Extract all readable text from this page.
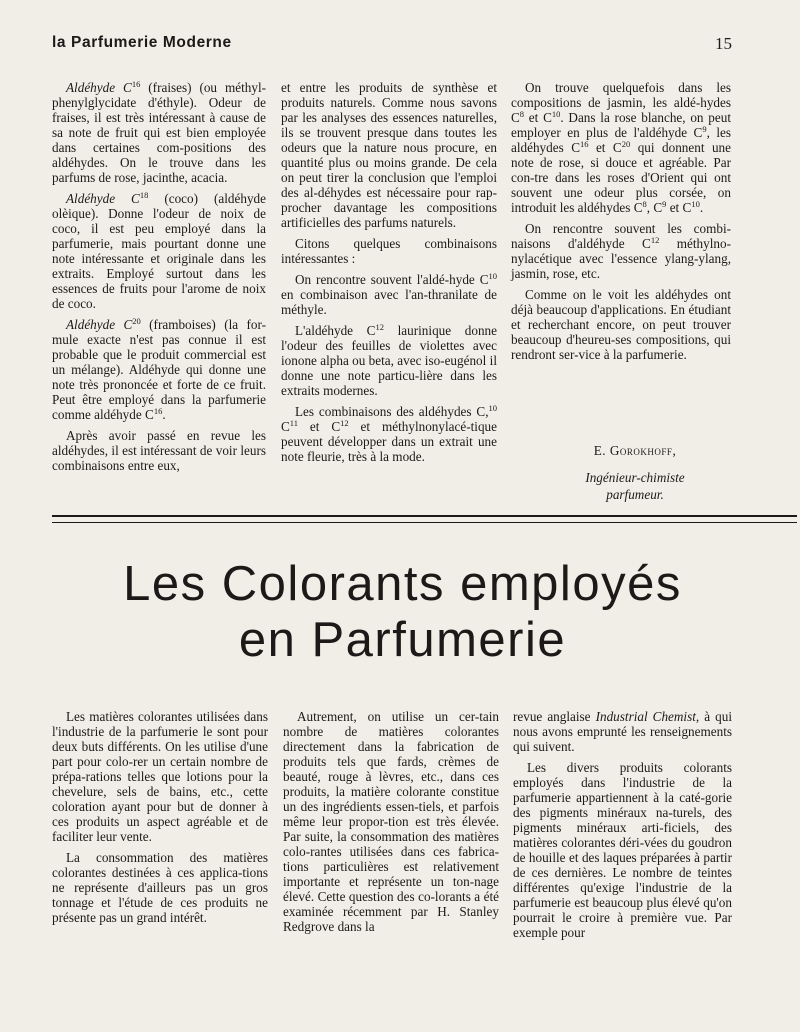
la Parfumerie Moderne	15

Aldéhyde $C^{16}$ (fraises) (ou méthyl-phenylglycidate d'éthyle). Odeur de fraises, il est très intéressant à cause de sa note de fruit qui est bien employée dans certaines com-positions des aldéhydes. On le trouve dans les parfums de rose, jacinthe, acacia.

Aldéhyde $C^{18}$ (coco) (aldéhyde olèique). Donne l'odeur de noix de coco, il est peu employé dans la parfumerie, mais pourtant donne une note intéressante et originale dans les extraits. Employé surtout dans les essences de fruits pour l'arome de noix de coco.

Aldéhyde $C^{20}$ (framboises) (la for-mule exacte n'est pas connue il est probable que le produit commercial est un mélange). Aldéhyde qui donne une note très prononcée et forte de ce fruit. Peut être employé dans la parfumerie comme aldéhyde $C^{16}$.

Après avoir passé en revue les aldéhydes, il est intéressant de voir leurs combinaisons entre eux,

et entre les produits de synthèse et produits naturels. Comme nous savons par les analyses des essences naturelles, ils se trouvent presque dans toutes les odeurs que la nature nous procure, en quantité plus ou moins grande. De cela on peut tirer la conclusion que l'emploi des al-déhydes est nécessaire pour rap-procher davantage les compositions artificielles des parfums naturels.

Citons quelques combinaisons intéressantes :

On rencontre souvent l'aldé-hyde $C^{10}$ en combinaison avec l'an-thranilate de méthyle.

L'aldéhyde $C^{12}$ laurinique donne l'odeur des feuilles de violettes avec ionone alpha ou beta, avec iso-eugénol il donne une note particu-lière dans les extraits modernes.

Les combinaisons des aldéhydes C,$^{10}$ $C^{11}$ et $C^{12}$ et méthylnonylacé-tique peuvent développer dans un extrait une note fleurie, très à la mode.

On trouve quelquefois dans les compositions de jasmin, les aldé-hydes $C^8$ et $C^{10}$. Dans la rose blanche, on peut employer en plus de l'aldéhyde $C^9$, les aldéhydes $C^{16}$ et $C^{20}$ qui donnent une note de rose, si douce et agréable. Par con-tre dans les roses d'Orient qui ont souvent une odeur plus corsée, on introduit les aldéhydes $C^8$, $C^9$ et $C^{10}$.

On rencontre souvent les combi-naisons d'aldéhyde $C^{12}$ méthylno-nylacétique avec l'essence ylang-ylang, jasmin, rose, etc.

Comme on le voit les aldéhydes ont déjà beaucoup d'applications. En étudiant et recherchant encore, on peut trouver beaucoup d'heureu-ses compositions, qui rendront ser-vice à la parfumerie.

E. Gorokhoff,
Ingénieur-chimiste
parfumeur.
Les Colorants employés
en Parfumerie

Les matières colorantes utilisées dans l'industrie de la parfumerie le sont pour deux buts différents. On les utilise d'une part pour colo-rer un certain nombre de prépa-rations telles que lotions pour la chevelure, sels de bains, etc., cette coloration ayant pour but de donner à ces produits un aspect agréable et de faciliter leur vente.

La consommation des matières colorantes destinées à ces applica-tions ne représente d'ailleurs pas un gros tonnage et l'étude de ces produits ne présente pas un grand intérêt.

Autrement, on utilise un cer-tain nombre de matières colorantes directement dans la fabrication de produits tels que fards, crèmes de beauté, rouge à lèvres, etc., dans ces produits, la matière colorante constitue un des ingrédients essen-tiels, et parfois même leur propor-tion est très élevée. Par suite, la consommation des matières colo-rantes utilisées dans ces fabrica-tions particulières est relativement importante et représente un ton-nage élevé. Cette question des co-lorants a été examinée récemment par H. Stanley Redgrove dans la

revue anglaise Industrial Chemist, à qui nous avons emprunté les renseignements qui suivent.

Les divers produits colorants employés dans l'industrie de la parfumerie appartiennent à la caté-gorie des pigments minéraux na-turels, des pigments minéraux arti-ficiels, des matières colorantes déri-vées du goudron de houille et des laques préparées à partir de ces dernières. Le nombre de teintes différentes qu'exige l'industrie de la parfumerie est beaucoup plus élevé qu'on pourrait le croire à première vue. Par exemple pour
